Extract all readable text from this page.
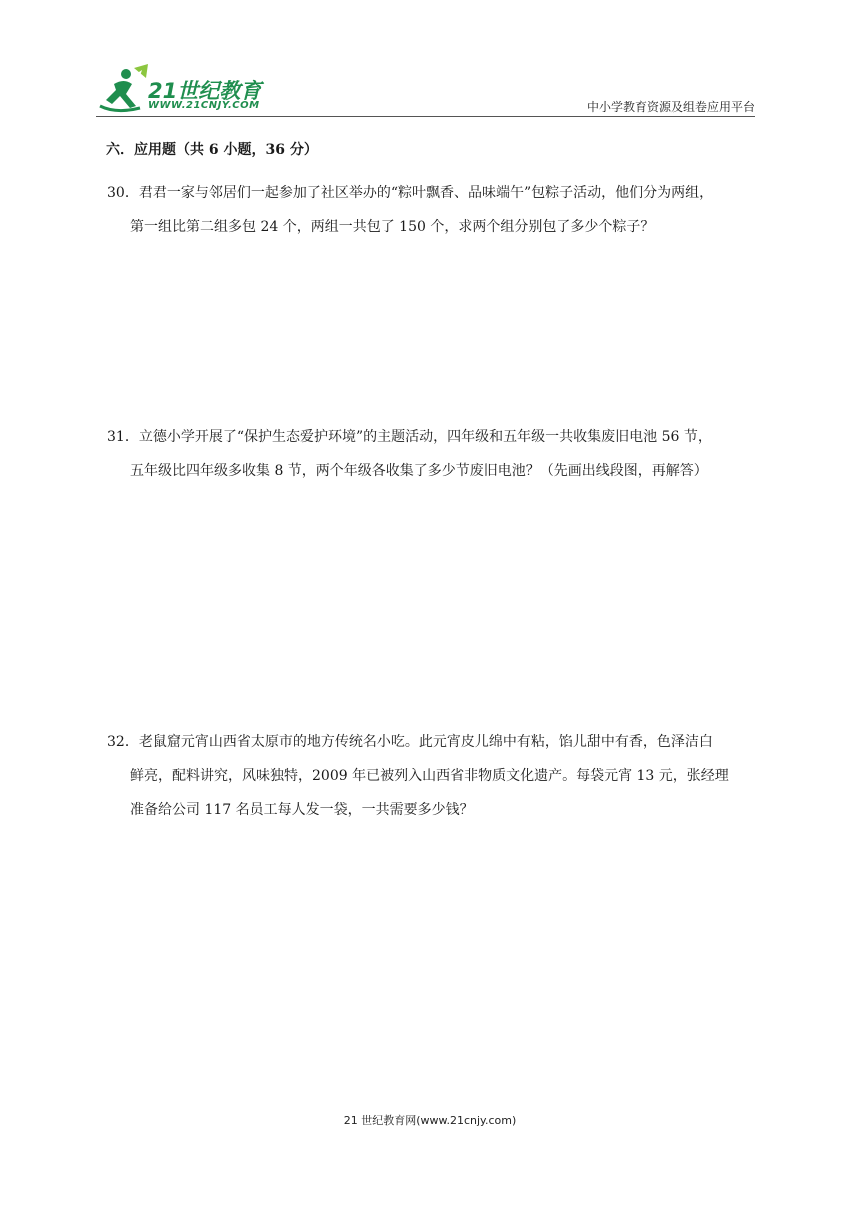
21世纪教育
WWW.21CNJY.COM	中小学教育资源及组卷应用平台
六．应用题（共 6 小题，36 分）
30．君君一家与邻居们一起参加了社区举办的“粽叶飘香、品味端午”包粽子活动，他们分为两组，
第一组比第二组多包 24 个，两组一共包了 150 个，求两个组分别包了多少个粽子？
31．立德小学开展了“保护生态爱护环境”的主题活动，四年级和五年级一共收集废旧电池 56 节，
五年级比四年级多收集 8 节，两个年级各收集了多少节废旧电池？（先画出线段图，再解答）
32．老鼠窟元宵山西省太原市的地方传统名小吃。此元宵皮儿绵中有粘，馅儿甜中有香，色泽洁白
鲜亮，配料讲究，风味独特，2009 年已被列入山西省非物质文化遗产。每袋元宵 13 元，张经理
准备给公司 117 名员工每人发一袋，一共需要多少钱？
21 世纪教育网(www.21cnjy.com)
